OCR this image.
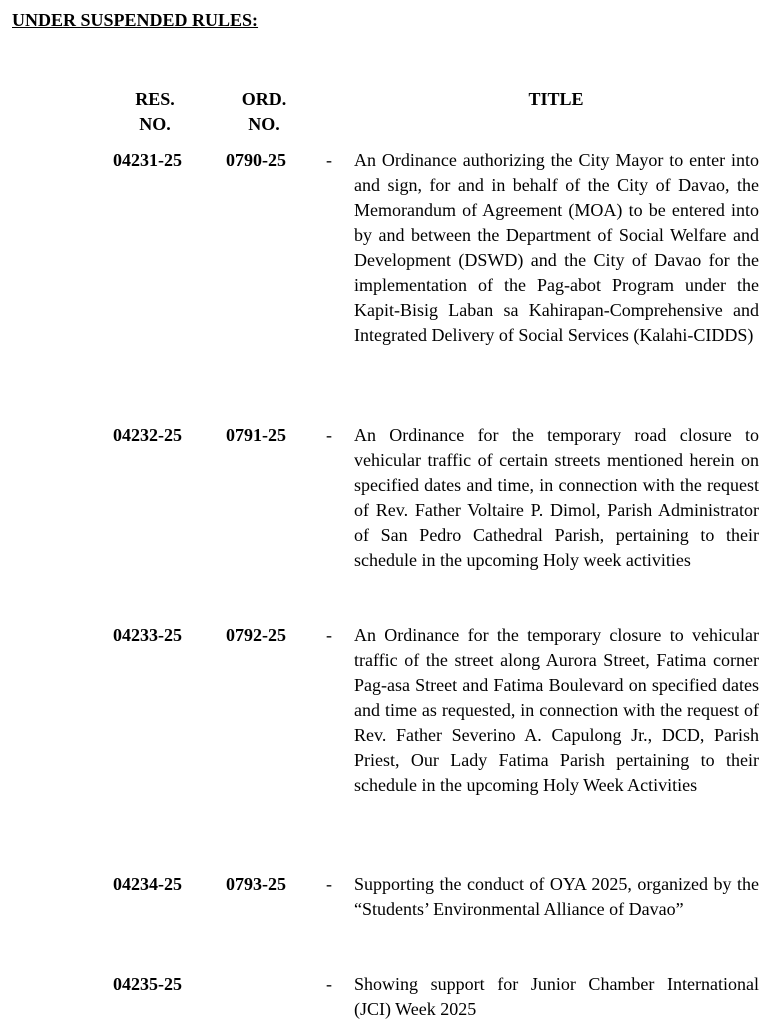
UNDER SUSPENDED RULES:
RES.
NO.
ORD.
NO.
TITLE
04231-25 0790-25 - An Ordinance authorizing the City Mayor to enter into and sign, for and in behalf of the City of Davao, the Memorandum of Agreement (MOA) to be entered into by and between the Department of Social Welfare and Development (DSWD) and the City of Davao for the implementation of the Pag-abot Program under the Kapit-Bisig Laban sa Kahirapan-Comprehensive and Integrated Delivery of Social Services (Kalahi-CIDDS)

04232-25 0791-25 - An Ordinance for the temporary road closure to vehicular traffic of certain streets mentioned herein on specified dates and time, in connection with the request of Rev. Father Voltaire P. Dimol, Parish Administrator of San Pedro Cathedral Parish, pertaining to their schedule in the upcoming Holy week activities

04233-25 0792-25 - An Ordinance for the temporary closure to vehicular traffic of the street along Aurora Street, Fatima corner Pag-asa Street and Fatima Boulevard on specified dates and time as requested, in connection with the request of Rev. Father Severino A. Capulong Jr., DCD, Parish Priest, Our Lady Fatima Parish pertaining to their schedule in the upcoming Holy Week Activities

04234-25 0793-25 - Supporting the conduct of OYA 2025, organized by the “Students’ Environmental Alliance of Davao”

04235-25	- Showing support for Junior Chamber International (JCI) Week 2025
